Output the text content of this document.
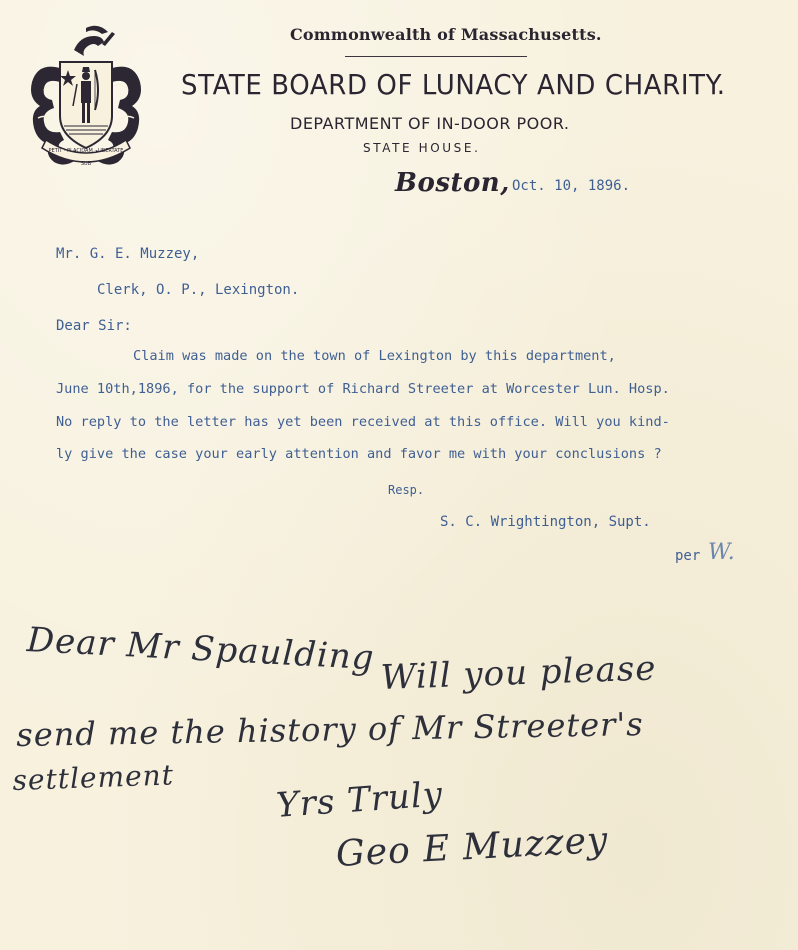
PETIT · PLACIDAM · LIBERTATE
SUB
Commonwealth of Massachusetts.
STATE BOARD OF LUNACY AND CHARITY.
DEPARTMENT OF IN-DOOR POOR.
STATE HOUSE.
Boston, Oct. 10, 1896.
Mr. G. E. Muzzey,
Clerk, O. P., Lexington.
Dear Sir:
Claim was made on the town of Lexington by this department,
June 10th,1896, for the support of Richard Streeter at Worcester Lun. Hosp.
No reply to the letter has yet been received at this office. Will you kind-
ly give the case your early attention and favor me with your conclusions ?
Resp.
S. C. Wrightington, Supt.
per W.
Dear Mr Spaulding Will you please
send me the history of Mr Streeter's
settlement	Yrs Truly
Geo E Muzzey
